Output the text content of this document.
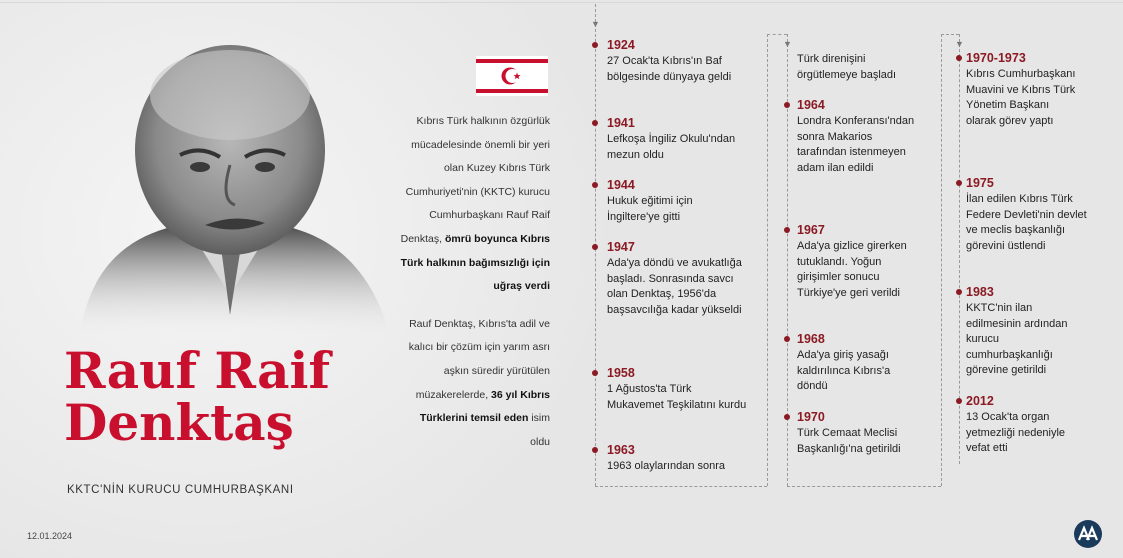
Rauf Raif
Denktaş
KKTC'NİN KURUCU CUMHURBAŞKANI
12.01.2024

Kıbrıs Türk halkının özgürlük mücadelesinde önemli bir yeri olan Kuzey Kıbrıs Türk Cumhuriyeti'nin (KKTC) kurucu Cumhurbaşkanı Rauf Raif Denktaş, ömrü boyunca Kıbrıs Türk halkının bağımsızlığı için uğraş verdi

Rauf Denktaş, Kıbrıs'ta adil ve kalıcı bir çözüm için yarım asrı aşkın süredir yürütülen müzakerelerde, 36 yıl Kıbrıs Türklerini temsil eden isim oldu

▼
▼	▼
1924
27 Ocak'ta Kıbrıs'ın Baf bölgesinde dünyaya geldi
1941
Lefkoşa İngiliz Okulu'ndan mezun oldu
1944
Hukuk eğitimi için İngiltere'ye gitti
1947
Ada'ya döndü ve avukatlığa başladı. Sonrasında savcı olan Denktaş, 1956'da başsavcılığa kadar yükseldi
1958
1 Ağustos'ta Türk Mukavemet Teşkilatını kurdu
1963
1963 olaylarından sonra
Türk direnişini örgütlemeye başladı
1964
Londra Konferansı'ndan sonra Makarios tarafından istenmeyen adam ilan edildi
1967
Ada'ya gizlice girerken tutuklandı. Yoğun girişimler sonucu Türkiye'ye geri verildi
1968
Ada'ya giriş yasağı kaldırılınca Kıbrıs'a döndü
1970
Türk Cemaat Meclisi Başkanlığı'na getirildi
1970-1973
Kıbrıs Cumhurbaşkanı Muavini ve Kıbrıs Türk Yönetim Başkanı olarak görev yaptı
1975
İlan edilen Kıbrıs Türk Federe Devleti'nin devlet ve meclis başkanlığı görevini üstlendi
1983
KKTC'nin ilan edilmesinin ardından kurucu cumhurbaşkanlığı görevine getirildi
2012
13 Ocak'ta organ yetmezliği nedeniyle vefat etti
